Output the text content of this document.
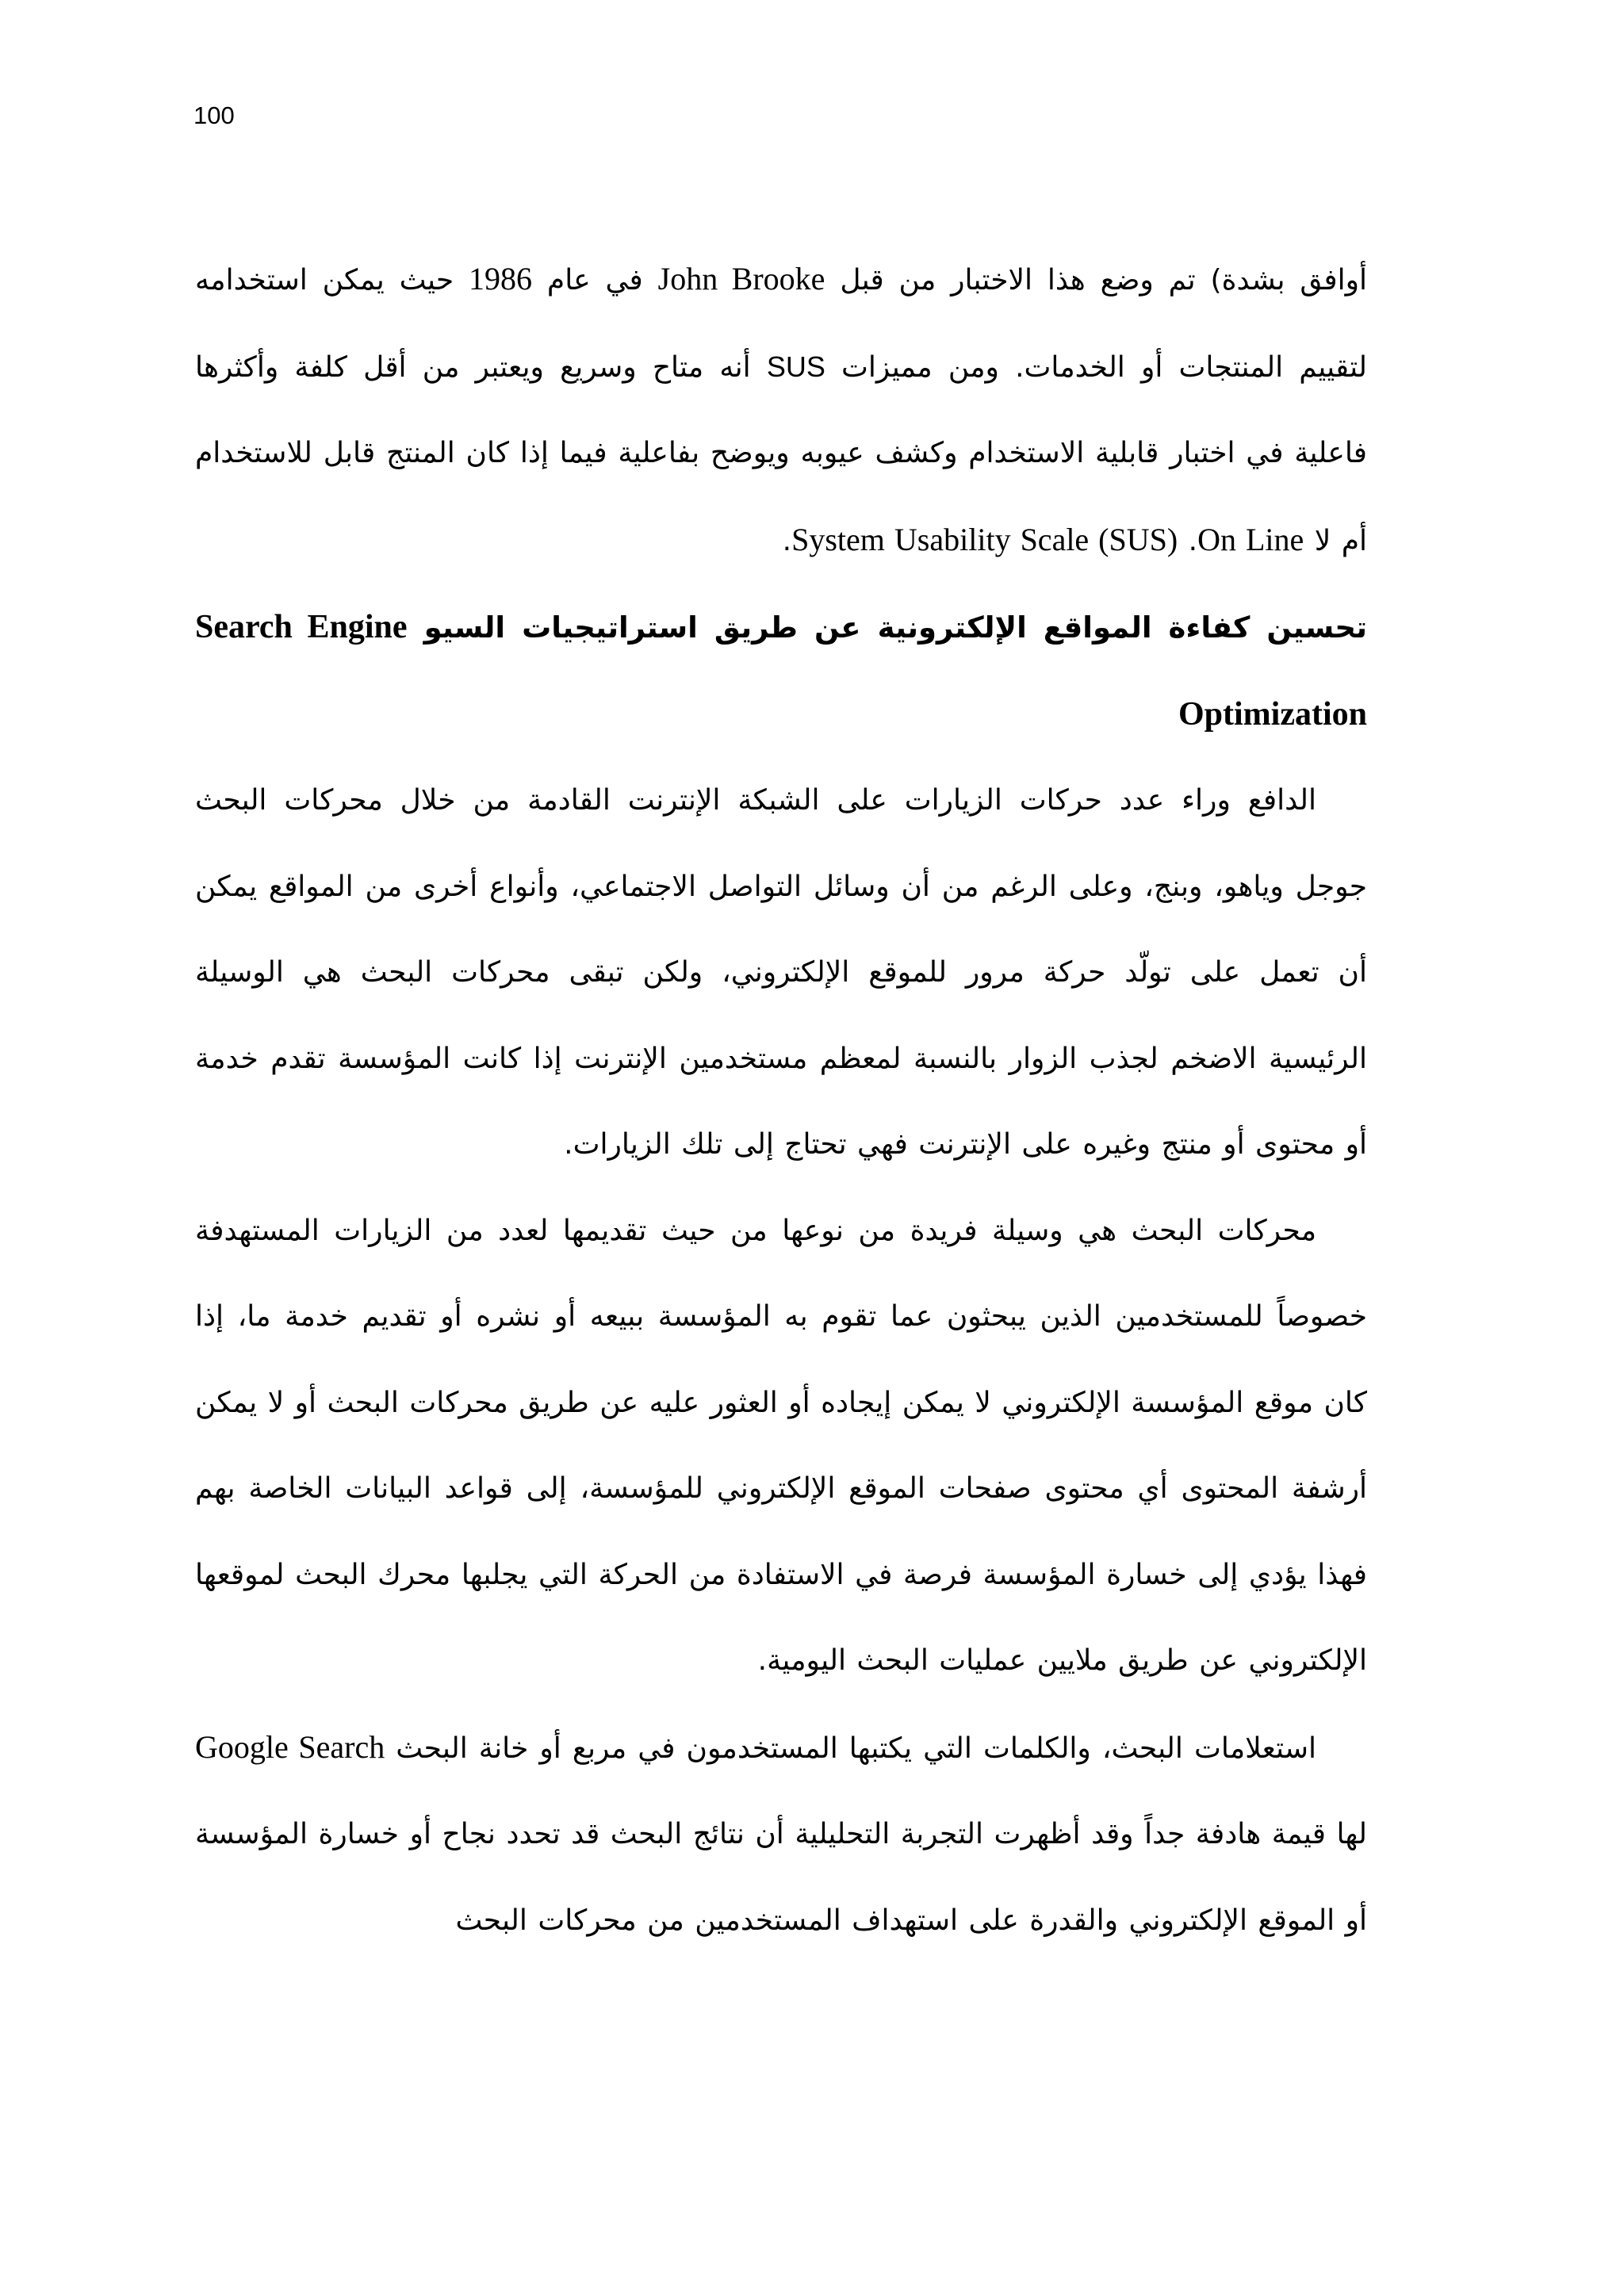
100

أوافق بشدة) تم وضع هذا الاختبار من قبل John Brooke في عام 1986 حيث يمكن استخدامه لتقييم المنتجات أو الخدمات. ومن مميزات SUS أنه متاح وسريع ويعتبر من أقل كلفة وأكثرها فاعلية في اختبار قابلية الاستخدام وكشف عيوبه ويوضح بفاعلية فيما إذا كان المنتج قابل للاستخدام أم لا On Line. System Usability Scale (SUS).

تحسين كفاءة المواقع الإلكترونية عن طريق استراتيجيات السيو Search Engine Optimization

الدافع وراء عدد حركات الزيارات على الشبكة الإنترنت القادمة من خلال محركات البحث جوجل وياهو، وبنج، وعلى الرغم من أن وسائل التواصل الاجتماعي، وأنواع أخرى من المواقع يمكن أن تعمل على تولّد حركة مرور للموقع الإلكتروني، ولكن تبقى محركات البحث هي الوسيلة الرئيسية الاضخم لجذب الزوار بالنسبة لمعظم مستخدمين الإنترنت إذا كانت المؤسسة تقدم خدمة أو محتوى أو منتج وغيره على الإنترنت فهي تحتاج إلى تلك الزيارات.

محركات البحث هي وسيلة فريدة من نوعها من حيث تقديمها لعدد من الزيارات المستهدفة خصوصاً للمستخدمين الذين يبحثون عما تقوم به المؤسسة ببيعه أو نشره أو تقديم خدمة ما، إذا كان موقع المؤسسة الإلكتروني لا يمكن إيجاده أو العثور عليه عن طريق محركات البحث أو لا يمكن أرشفة المحتوى أي محتوى صفحات الموقع الإلكتروني للمؤسسة، إلى قواعد البيانات الخاصة بهم فهذا يؤدي إلى خسارة المؤسسة فرصة في الاستفادة من الحركة التي يجلبها محرك البحث لموقعها الإلكتروني عن طريق ملايين عمليات البحث اليومية.

استعلامات البحث، والكلمات التي يكتبها المستخدمون في مربع أو خانة البحث Google Search لها قيمة هادفة جداً وقد أظهرت التجربة التحليلية أن نتائج البحث قد تحدد نجاح أو خسارة المؤسسة أو الموقع الإلكتروني والقدرة على استهداف المستخدمين من محركات البحث
